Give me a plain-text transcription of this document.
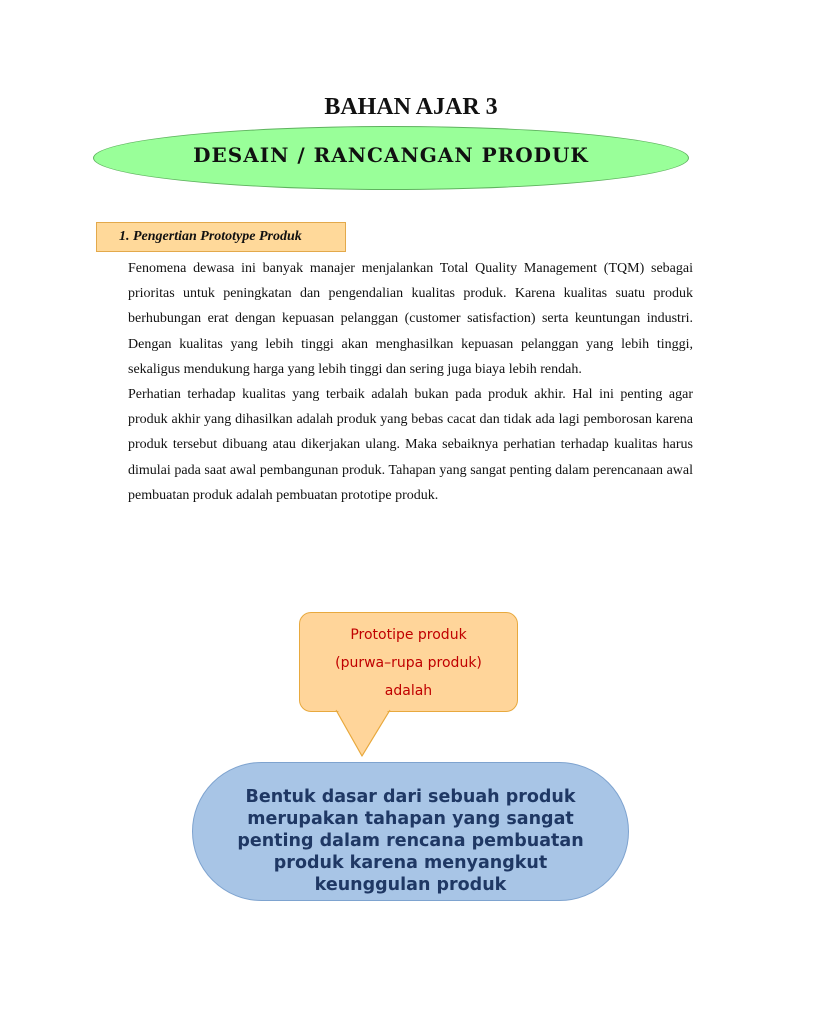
BAHAN AJAR 3
DESAIN / RANCANGAN PRODUK
1. Pengertian Prototype Produk

Fenomena dewasa ini banyak manajer menjalankan Total Quality Management (TQM) sebagai prioritas untuk peningkatan dan pengendalian kualitas produk. Karena kualitas suatu produk berhubungan erat dengan kepuasan pelanggan (customer satisfaction) serta keuntungan industri. Dengan kualitas yang lebih tinggi akan menghasilkan kepuasan pelanggan yang lebih tinggi, sekaligus mendukung harga yang lebih tinggi dan sering juga biaya lebih rendah.

Perhatian terhadap kualitas yang terbaik adalah bukan pada produk akhir. Hal ini penting agar produk akhir yang dihasilkan adalah produk yang bebas cacat dan tidak ada lagi pemborosan karena produk tersebut dibuang atau dikerjakan ulang. Maka sebaiknya perhatian terhadap kualitas harus dimulai pada saat awal pembangunan produk. Tahapan yang sangat penting dalam perencanaan awal pembuatan produk adalah pembuatan prototipe produk.

Prototipe produk
(purwa–rupa produk)
adalah
Bentuk dasar dari sebuah produk
merupakan tahapan yang sangat
penting dalam rencana pembuatan
produk karena menyangkut
keunggulan produk
